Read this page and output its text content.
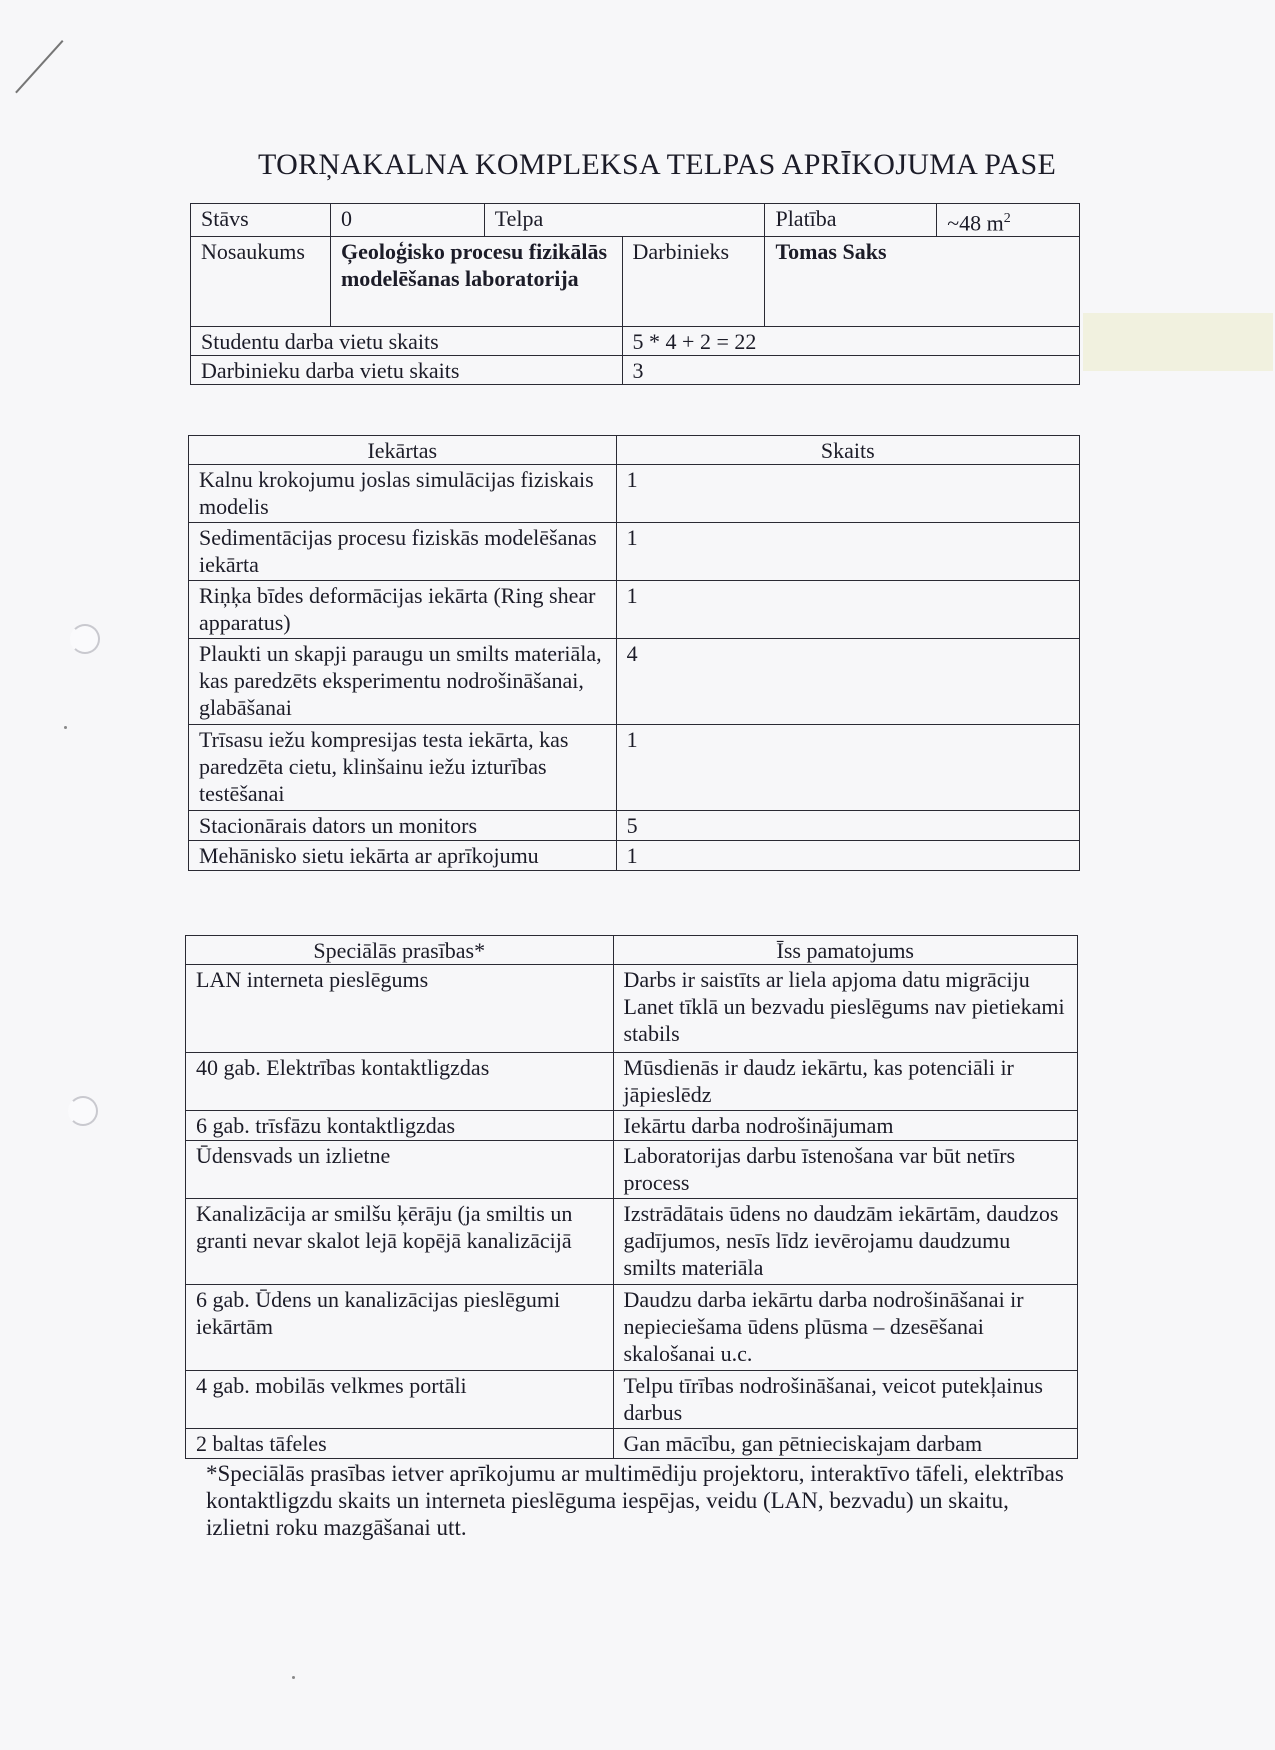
TORŅAKALNA KOMPLEKSA TELPAS APRĪKOJUMA PASE
Stāvs	0	Telpa		Platība	~48 $m^2$
Nosaukums	Ģeoloģisko procesu fizikālās modelēšanas laboratorija		Darbinieks	Tomas Saks	
Studentu darba vietu skaits			5 * 4 + 2 = 22		
Darbinieku darba vietu skaits			3		
Iekārtas	Skaits
Kalnu krokojumu joslas simulācijas fiziskais modelis	1
Sedimentācijas procesu fiziskās modelēšanas iekārta	1
Riņķa bīdes deformācijas iekārta (Ring shear apparatus)	1
Plaukti un skapji paraugu un smilts materiāla, kas paredzēts eksperimentu nodrošināšanai, glabāšanai	4
Trīsasu iežu kompresijas testa iekārta, kas paredzēta cietu, klinšainu iežu izturības testēšanai	1
Stacionārais dators un monitors	5
Mehānisko sietu iekārta ar aprīkojumu	1
Speciālās prasības*	Īss pamatojums
LAN interneta pieslēgums	Darbs ir saistīts ar liela apjoma datu migrāciju Lanet tīklā un bezvadu pieslēgums nav pietiekami stabils
40 gab. Elektrības kontaktligzdas	Mūsdienās ir daudz iekārtu, kas potenciāli ir jāpieslēdz
6 gab. trīsfāzu kontaktligzdas	Iekārtu darba nodrošinājumam
Ūdensvads un izlietne	Laboratorijas darbu īstenošana var būt netīrs process
Kanalizācija ar smilšu ķērāju (ja smiltis un granti nevar skalot lejā kopējā kanalizācijā	Izstrādātais ūdens no daudzām iekārtām, daudzos gadījumos, nesīs līdz ievērojamu daudzumu smilts materiāla
6 gab. Ūdens un kanalizācijas pieslēgumi iekārtām	Daudzu darba iekārtu darba nodrošināšanai ir nepieciešama ūdens plūsma – dzesēšanai skalošanai u.c.
4 gab. mobilās velkmes portāli	Telpu tīrības nodrošināšanai, veicot putekļainus darbus
2 baltas tāfeles	Gan mācību, gan pētnieciskajam darbam
*Speciālās prasības ietver aprīkojumu ar multimēdiju projektoru, interaktīvo tāfeli, elektrības kontaktligzdu skaits un interneta pieslēguma iespējas, veidu (LAN, bezvadu) un skaitu, izlietni roku mazgāšanai utt.
